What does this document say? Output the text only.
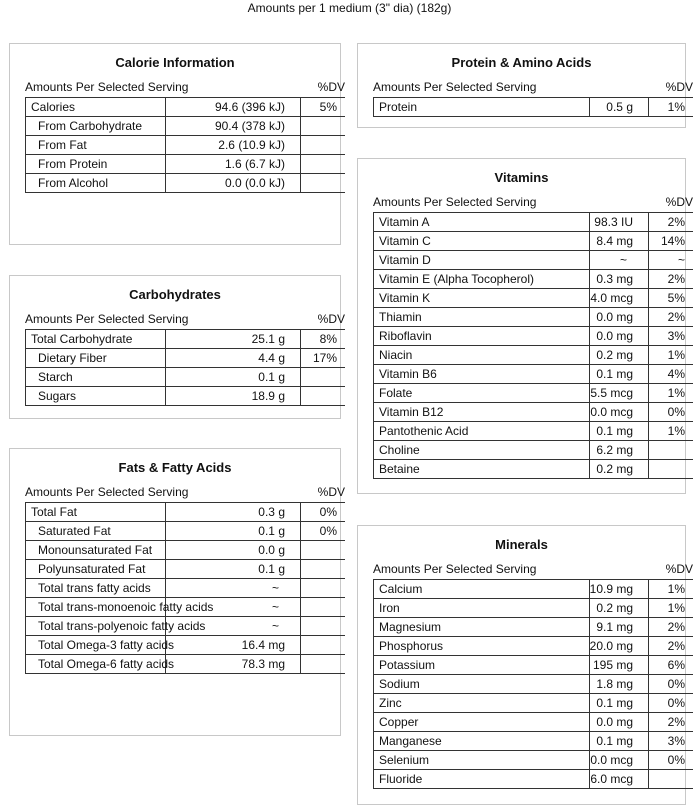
Amounts per 1 medium (3" dia) (182g)
Calorie Information
Amounts Per Selected Serving	%DV
Calories	94.6 (396 kJ)	5%
From Carbohydrate	90.4 (378 kJ)
From Fat	2.6 (10.9 kJ)
From Protein	1.6 (6.7 kJ)
From Alcohol	0.0 (0.0 kJ)
Carbohydrates
Amounts Per Selected Serving	%DV
Total Carbohydrate	25.1 g	8%
Dietary Fiber	4.4 g 17%
Starch	0.1 g
Sugars	18.9 g
Fats & Fatty Acids
Amounts Per Selected Serving	%DV
Total Fat	0.3 g	0%
Saturated Fat	0.1 g	0%
Monounsaturated Fat	0.0 g
Polyunsaturated Fat	0.1 g
Total trans fatty acids	~
Total trans-monoenoic fatty acids	~
Total trans-polyenoic fatty acids	~
Total Omega-3 fatty acids	16.4 mg
Total Omega-6 fatty acids	78.3 mg
Protein & Amino Acids
Amounts Per Selected Serving	%DV
Protein	0.5 g	1%
Vitamins
Amounts Per Selected Serving	%DV
Vitamin A	98.3 IU	2%
Vitamin C	8.4 mg 14%
Vitamin D	~	~
Vitamin E (Alpha Tocopherol)	0.3 mg	2%
Vitamin K	4.0 mcg	5%
Thiamin	0.0 mg	2%
Riboflavin	0.0 mg	3%
Niacin	0.2 mg	1%
Vitamin B6	0.1 mg	4%
Folate	5.5 mcg	1%
Vitamin B12	0.0 mcg	0%
Pantothenic Acid	0.1 mg	1%
Choline	6.2 mg
Betaine	0.2 mg
Minerals
Amounts Per Selected Serving	%DV
Calcium	10.9 mg	1%
Iron	0.2 mg	1%
Magnesium	9.1 mg	2%
Phosphorus	20.0 mg	2%
Potassium	195 mg	6%
Sodium	1.8 mg	0%
Zinc	0.1 mg	0%
Copper	0.0 mg	2%
Manganese	0.1 mg	3%
Selenium	0.0 mcg	0%
Fluoride	6.0 mcg
